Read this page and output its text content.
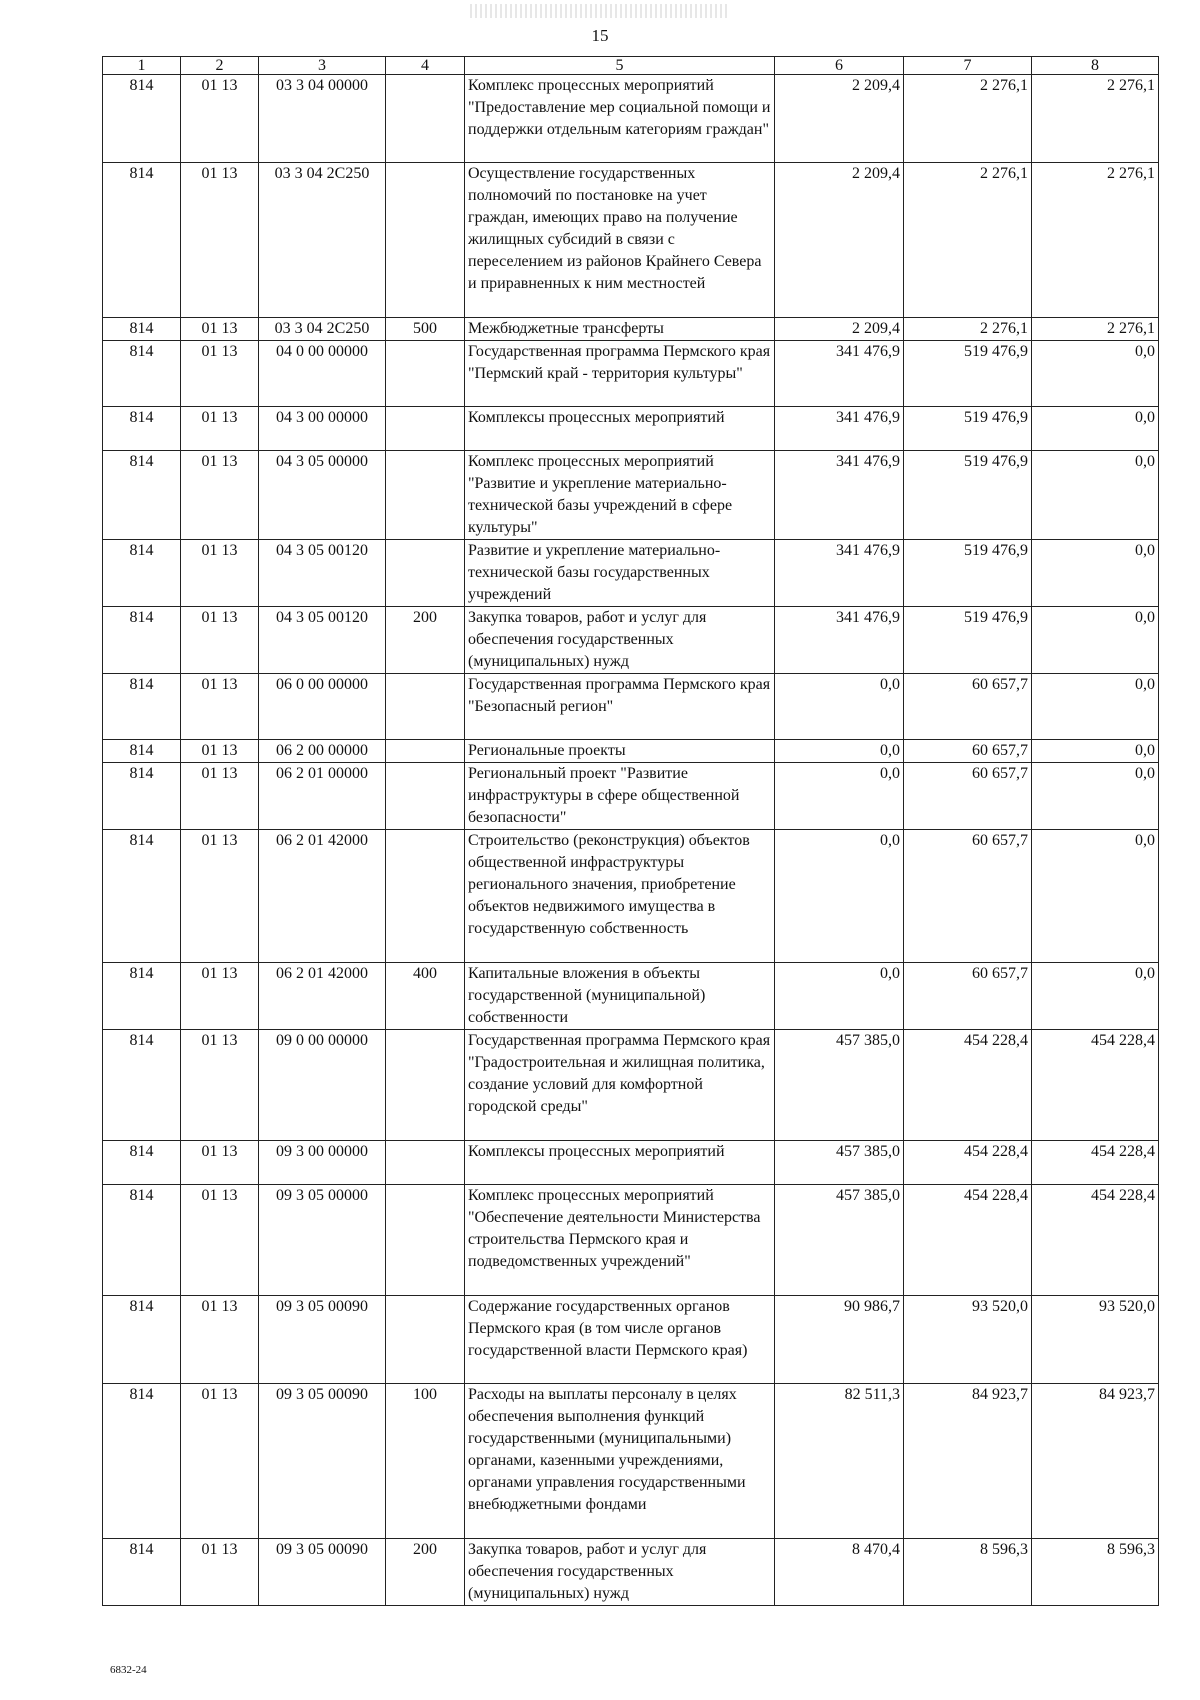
15
1	2	3	4	5	6	7	8
814	01 13	03 3 04 00000		Комплекс процессных мероприятий "Предоставление мер социальной помощи и поддержки отдельным категориям граждан"	2 209,4	2 276,1	2 276,1
814	01 13	03 3 04 2С250		Осуществление государственных полномочий по постановке на учет граждан, имеющих право на получение жилищных субсидий в связи с переселением из районов Крайнего Севера и приравненных к ним местностей	2 209,4	2 276,1	2 276,1
814	01 13	03 3 04 2С250	500	Межбюджетные трансферты	2 209,4	2 276,1	2 276,1
814	01 13	04 0 00 00000		Государственная программа Пермского края "Пермский край - территория культуры"	341 476,9	519 476,9	0,0
814	01 13	04 3 00 00000		Комплексы процессных мероприятий	341 476,9	519 476,9	0,0
814	01 13	04 3 05 00000		Комплекс процессных мероприятий "Развитие и укрепление материально-технической базы учреждений в сфере культуры"	341 476,9	519 476,9	0,0
814	01 13	04 3 05 00120		Развитие и укрепление материально-технической базы государственных учреждений	341 476,9	519 476,9	0,0
814	01 13	04 3 05 00120	200	Закупка товаров, работ и услуг для обеспечения государственных (муниципальных) нужд	341 476,9	519 476,9	0,0
814	01 13	06 0 00 00000		Государственная программа Пермского края "Безопасный регион"	0,0	60 657,7	0,0
814	01 13	06 2 00 00000		Региональные проекты	0,0	60 657,7	0,0
814	01 13	06 2 01 00000		Региональный проект "Развитие инфраструктуры в сфере общественной безопасности"	0,0	60 657,7	0,0
814	01 13	06 2 01 42000		Строительство (реконструкция) объектов общественной инфраструктуры регионального значения, приобретение объектов недвижимого имущества в государственную собственность	0,0	60 657,7	0,0
814	01 13	06 2 01 42000	400	Капитальные вложения в объекты государственной (муниципальной) собственности	0,0	60 657,7	0,0
814	01 13	09 0 00 00000		Государственная программа Пермского края "Градостроительная и жилищная политика, создание условий для комфортной городской среды"	457 385,0	454 228,4	454 228,4
814	01 13	09 3 00 00000		Комплексы процессных мероприятий	457 385,0	454 228,4	454 228,4
814	01 13	09 3 05 00000		Комплекс процессных мероприятий "Обеспечение деятельности Министерства строительства Пермского края и подведомственных учреждений"	457 385,0	454 228,4	454 228,4
814	01 13	09 3 05 00090		Содержание государственных органов Пермского края (в том числе органов государственной власти Пермского края)	90 986,7	93 520,0	93 520,0
814	01 13	09 3 05 00090	100	Расходы на выплаты персоналу в целях обеспечения выполнения функций государственными (муниципальными) органами, казенными учреждениями, органами управления государственными внебюджетными фондами	82 511,3	84 923,7	84 923,7
814	01 13	09 3 05 00090	200	Закупка товаров, работ и услуг для обеспечения государственных (муниципальных) нужд	8 470,4	8 596,3	8 596,3
6832-24
